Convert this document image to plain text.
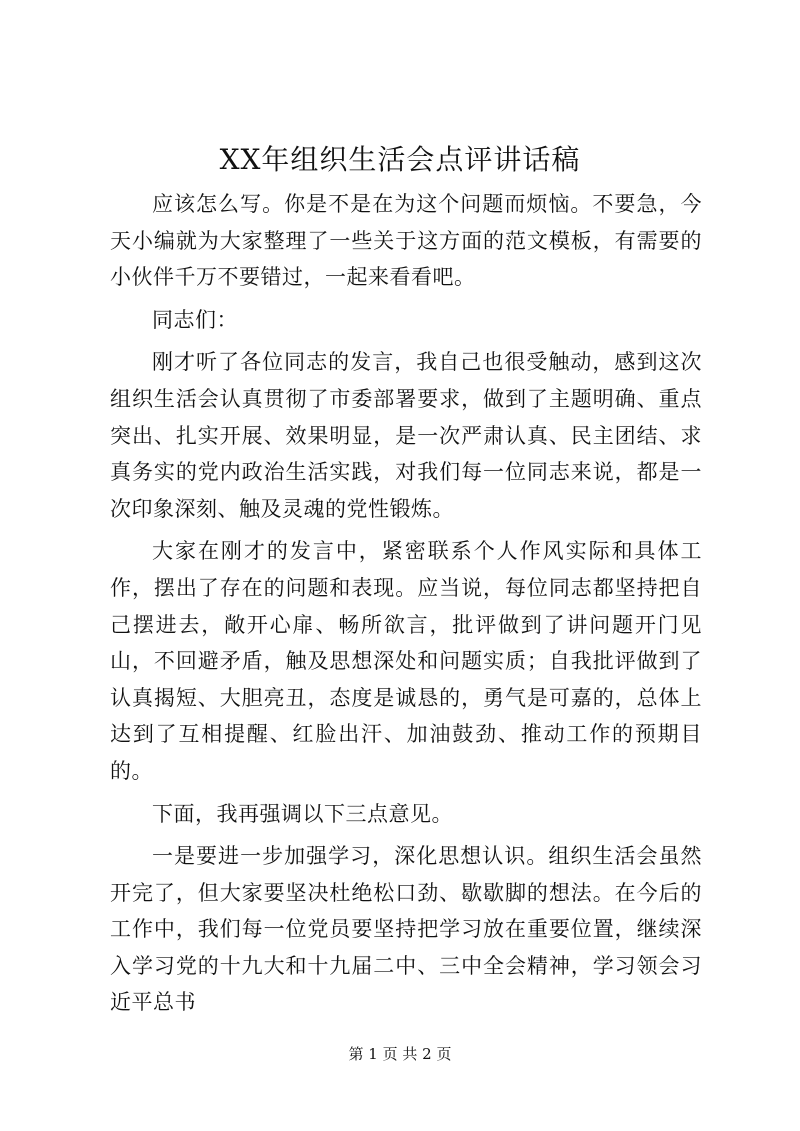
XX年组织生活会点评讲话稿

应该怎么写。你是不是在为这个问题而烦恼。不要急，今天小编就为大家整理了一些关于这方面的范文模板，有需要的小伙伴千万不要错过，一起来看看吧。

同志们：

刚才听了各位同志的发言，我自己也很受触动，感到这次组织生活会认真贯彻了市委部署要求，做到了主题明确、重点突出、扎实开展、效果明显，是一次严肃认真、民主团结、求真务实的党内政治生活实践，对我们每一位同志来说，都是一次印象深刻、触及灵魂的党性锻炼。

大家在刚才的发言中，紧密联系个人作风实际和具体工作，摆出了存在的问题和表现。应当说，每位同志都坚持把自己摆进去，敞开心扉、畅所欲言，批评做到了讲问题开门见山，不回避矛盾，触及思想深处和问题实质；自我批评做到了认真揭短、大胆亮丑，态度是诚恳的，勇气是可嘉的，总体上达到了互相提醒、红脸出汗、加油鼓劲、推动工作的预期目的。

下面，我再强调以下三点意见。

一是要进一步加强学习，深化思想认识。组织生活会虽然开完了，但大家要坚决杜绝松口劲、歇歇脚的想法。在今后的工作中，我们每一位党员要坚持把学习放在重要位置，继续深入学习党的十九大和十九届二中、三中全会精神，学习领会习近平总书

第 1 页 共 2 页
